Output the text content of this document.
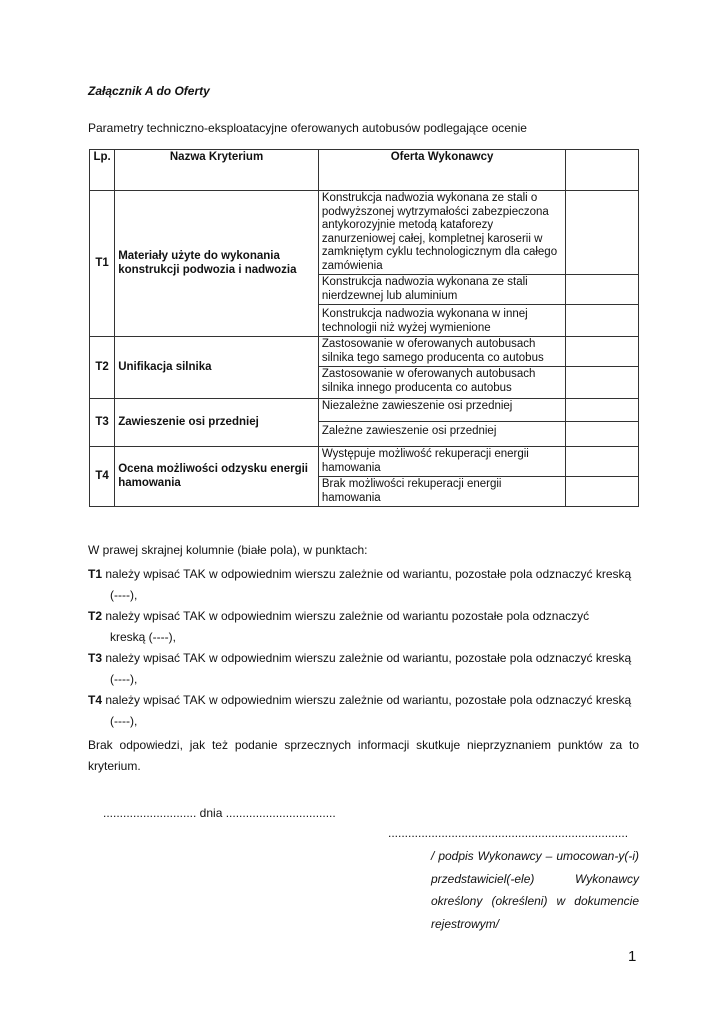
Załącznik A do Oferty
Parametry techniczno-eksploatacyjne oferowanych autobusów podlegające ocenie
Lp.	Nazwa Kryterium	Oferta Wykonawcy	
T1	Materiały użyte do wykonania konstrukcji podwozia i nadwozia	Konstrukcja nadwozia wykonana ze stali o podwyższonej wytrzymałości zabezpieczona antykorozyjnie metodą kataforezy zanurzeniowej całej, kompletnej karoserii w zamkniętym cyklu technologicznym dla całego zamówienia	
		Konstrukcja nadwozia wykonana ze stali nierdzewnej lub aluminium	
		Konstrukcja nadwozia wykonana w innej technologii niż wyżej wymienione	
T2	Unifikacja silnika	Zastosowanie w oferowanych autobusach silnika tego samego producenta co autobus	
		Zastosowanie w oferowanych autobusach silnika innego producenta co autobus	
T3	Zawieszenie osi przedniej	Niezależne zawieszenie osi przedniej	
		Zależne zawieszenie osi przedniej	
T4	Ocena możliwości odzysku energii hamowania	Występuje możliwość rekuperacji energii hamowania	
		Brak możliwości rekuperacji energii hamowania	
W prawej skrajnej kolumnie (białe pola), w punktach:
T1 należy wpisać TAK w odpowiednim wierszu zależnie od wariantu, pozostałe pola odznaczyć kreską
(----),
T2 należy wpisać TAK w odpowiednim wierszu zależnie od wariantu pozostałe pola odznaczyć
kreską (----),
T3 należy wpisać TAK w odpowiednim wierszu zależnie od wariantu, pozostałe pola odznaczyć kreską
(----),
T4 należy wpisać TAK w odpowiednim wierszu zależnie od wariantu, pozostałe pola odznaczyć kreską
(----),
Brak odpowiedzi, jak też podanie sprzecznych informacji skutkuje nieprzyznaniem punktów za to kryterium.
............................ dnia .................................
........................................................................
/ podpis Wykonawcy – umocowan-y(-i) przedstawiciel(-ele) Wykonawcy określony (określeni) w dokumencie rejestrowym/
1
